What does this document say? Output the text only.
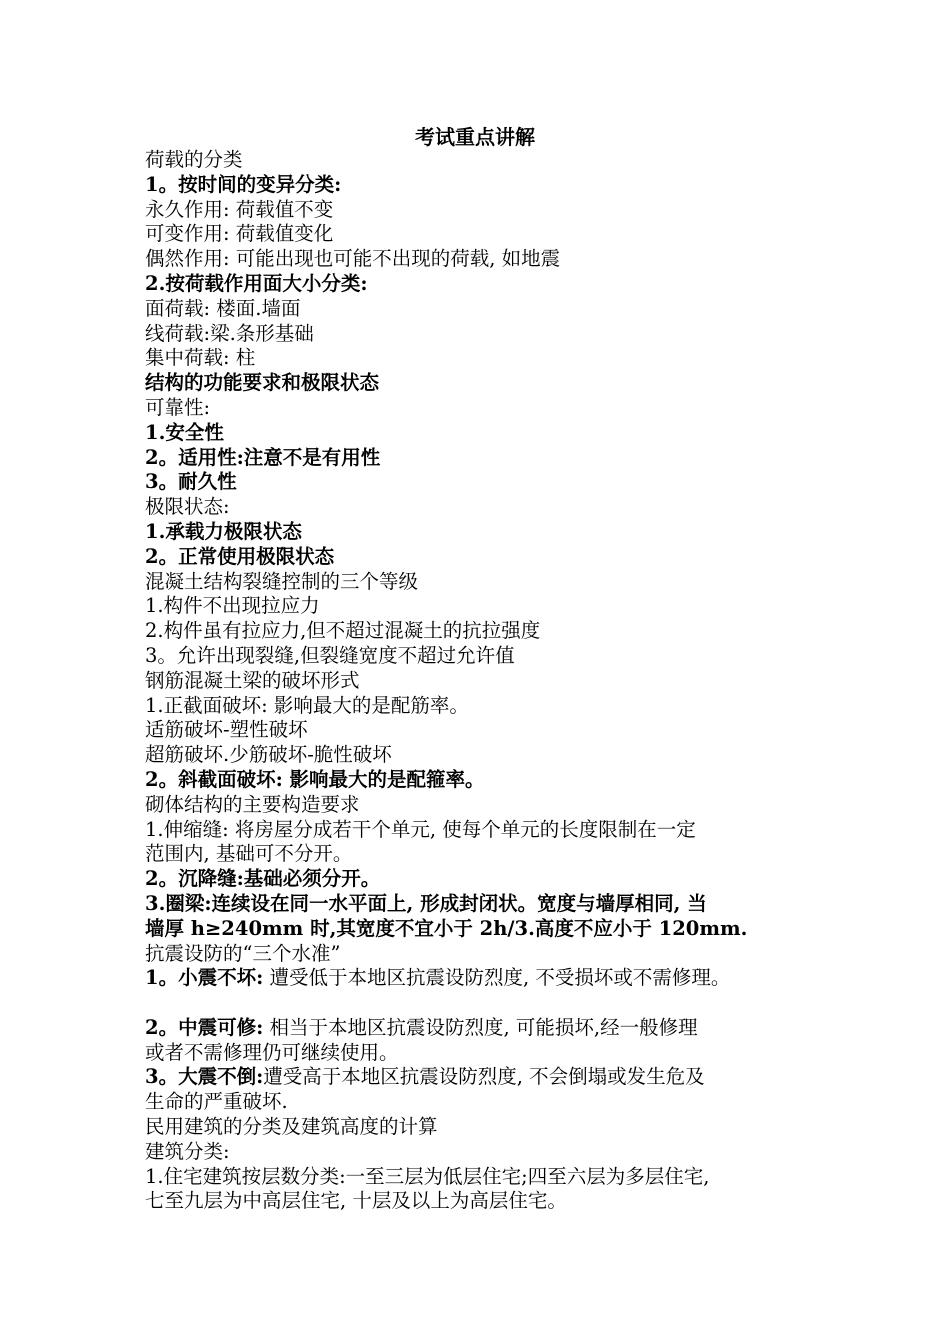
考试重点讲解
荷载的分类
1。按时间的变异分类:
永久作用: 荷载值不变
可变作用: 荷载值变化
偶然作用: 可能出现也可能不出现的荷载, 如地震
2.按荷载作用面大小分类:
面荷载: 楼面.墙面
线荷载:梁.条形基础
集中荷载: 柱
结构的功能要求和极限状态
可靠性:
1.安全性
2。适用性:注意不是有用性
3。耐久性
极限状态:
1.承载力极限状态
2。正常使用极限状态
混凝土结构裂缝控制的三个等级
1.构件不出现拉应力
2.构件虽有拉应力,但不超过混凝土的抗拉强度
3。允许出现裂缝,但裂缝宽度不超过允许值
钢筋混凝土梁的破坏形式
1.正截面破坏: 影响最大的是配筋率。
适筋破坏-塑性破坏
超筋破坏.少筋破坏-脆性破坏
2。斜截面破坏: 影响最大的是配箍率。
砌体结构的主要构造要求
1.伸缩缝: 将房屋分成若干个单元, 使每个单元的长度限制在一定
范围内, 基础可不分开。
2。沉降缝:基础必须分开。
3.圈梁:连续设在同一水平面上, 形成封闭状。宽度与墙厚相同, 当
墙厚 h≥240mm 时,其宽度不宜小于 2h/3.高度不应小于 120mm.
抗震设防的“三个水准”
1。小震不坏: 遭受低于本地区抗震设防烈度, 不受损坏或不需修理。
2。中震可修: 相当于本地区抗震设防烈度, 可能损坏,经一般修理
或者不需修理仍可继续使用。
3。大震不倒:遭受高于本地区抗震设防烈度, 不会倒塌或发生危及
生命的严重破坏.
民用建筑的分类及建筑高度的计算
建筑分类:
1.住宅建筑按层数分类:一至三层为低层住宅;四至六层为多层住宅,
七至九层为中高层住宅, 十层及以上为高层住宅。
